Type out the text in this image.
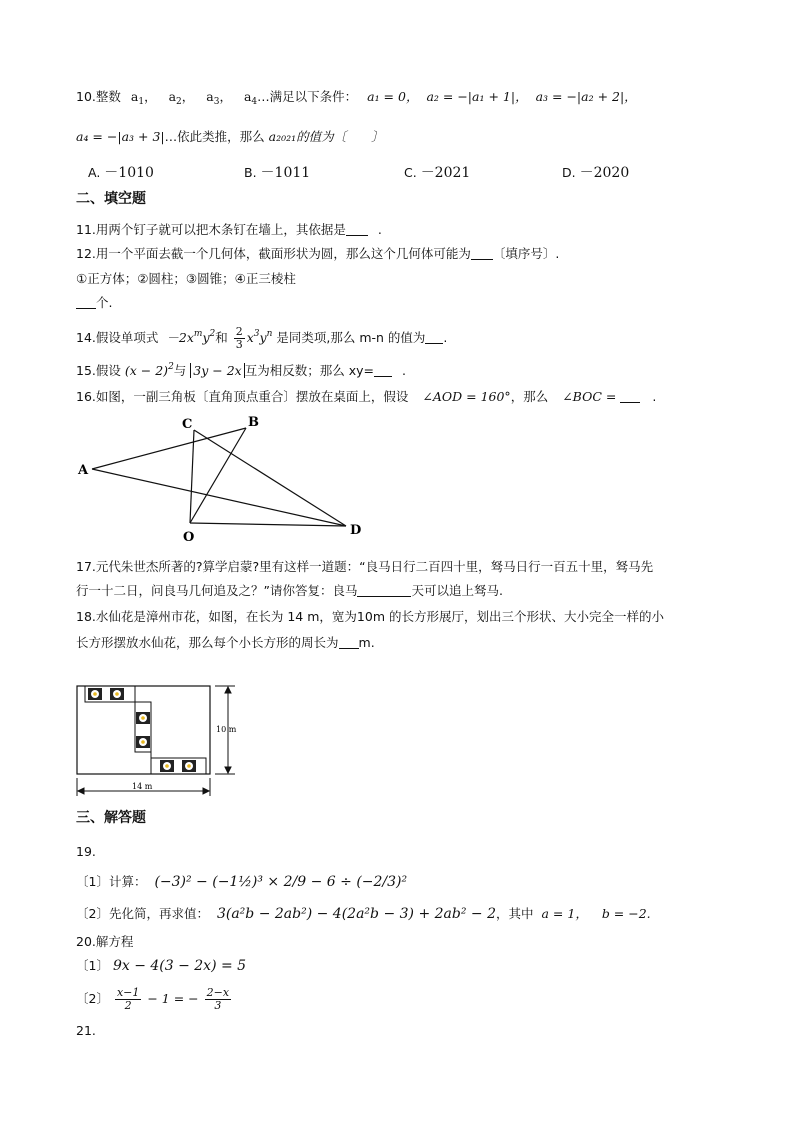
10.整数 $a_1$， $a_2$， $a_3$， $a_4\dots$满足以下条件： a₁ = 0， a₂ = −|a₁ + 1|， a₃ = −|a₂ + 2|，
a₄ = −|a₃ + 3|…依此类推，那么 a₂₀₂₁的值为〔　　〕
A. －1010	B. －1011	C. －2021	D. －2020
二、填空题
11.用两个钉子就可以把木条钉在墙上，其依据是	.
12.用一个平面去截一个几何体，截面形状为圆，那么这个几何体可能为 〔填序号〕.
①正方体；②圆柱；③圆锥；④正三棱柱
个.
14.假设单项式 $-2x^my^2$和 $\frac{2}{3} x^3y^n$ 是同类项,那么 m-n 的值为 .
15.假设 $(x - 2)^2$与 3y − 2x 互为相反数；那么 xy= .
16.如图，一副三角板〔直角顶点重合〕摆放在桌面上，假设 ∠AOD = 160°，那么 ∠BOC =	.
A
B
C
D
O
17.元代朱世杰所著的?算学启蒙?里有这样一道题：“良马日行二百四十里，驽马日行一百五十里，驽马先
行一十二日，问良马几何追及之？”请你答复：良马	天可以追上驽马.
18.水仙花是漳州市花，如图，在长为 14 m，宽为10m 的长方形展厅，划出三个形状、大小完全一样的小
长方形摆放水仙花，那么每个小长方形的周长为 m.
10 m
14 m
三、解答题
19.
〔1〕计算： (−3)² − (−1½)³ × 2/9 − 6 ÷ (−2/3)²
〔2〕先化简，再求值： 3(a²b − 2ab²) − 4(2a²b − 3) + 2ab² − 2，其中 a = 1， b = −2.
20.解方程
〔1〕 9x − 4(3 − 2x) = 5
〔2〕 $\frac{x-1}{2} - 1$ = − $\frac{2-x}{3}$
21.
